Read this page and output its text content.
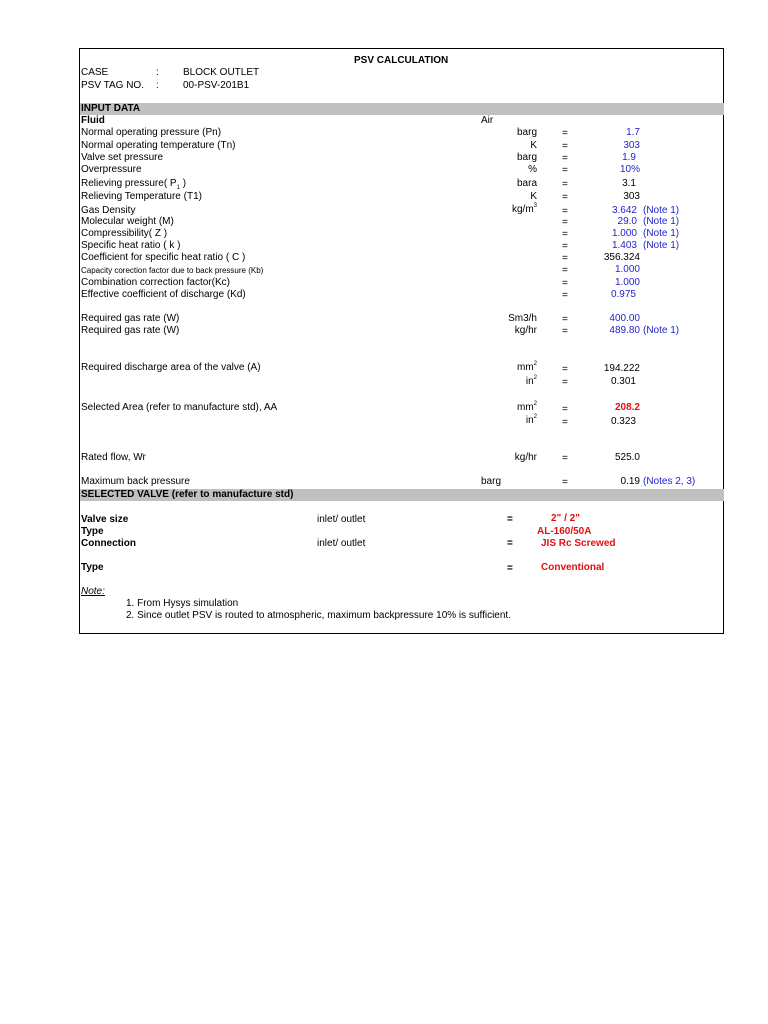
PSV CALCULATION
CASE	: BLOCK OUTLET
PSV TAG NO. : 00-PSV-201B1
INPUT DATA
Fluid	Air
Normal operating pressure (Pn)	barg	=	1.7
Normal operating temperature (Tn)	K	=	303
Valve set pressure	barg	=	1.9
Overpressure	%	=	10%
Relieving pressure( $P_1$ )	bara	=	3.1
Relieving Temperature (T1)	K	=	303
Gas Density	$kg/m^3$	=	3.642 (Note 1)
Molecular weight (M)	=	29.0 (Note 1)
Compressibility( Z )	=	1.000 (Note 1)
Specific heat ratio ( k )	=	1.403 (Note 1)
Coefficient for specific heat ratio ( C )	=	356.324
Capacity corection factor due to back pressure (Kb)	=	1.000
Combination correction factor(Kc)	=	1.000
Effective coefficient of discharge (Kd)	=	0.975
Required gas rate (W)	Sm3/h	=	400.00
Required gas rate (W)	kg/hr	=	489.80 (Note 1)
Required discharge area of the valve (A)	$mm^2$	=	194.222
$in^2$	=	0.301
Selected Area (refer to manufacture std), AA	$mm^2$	=	208.2
$in^2$	=	0.323
Rated flow, Wr	kg/hr	=	525.0
Maximum back pressure	barg	=	0.19 (Notes 2, 3)
SELECTED VALVE (refer to manufacture std)
Valve size	inlet/ outlet	=	2" / 2"
Type	AL-160/50A
Connection	inlet/ outlet	=	JIS Rc Screwed
Type	=	Conventional
Note:
1. From Hysys simulation
2. Since outlet PSV is routed to atmospheric, maximum backpressure 10% is sufficient.
